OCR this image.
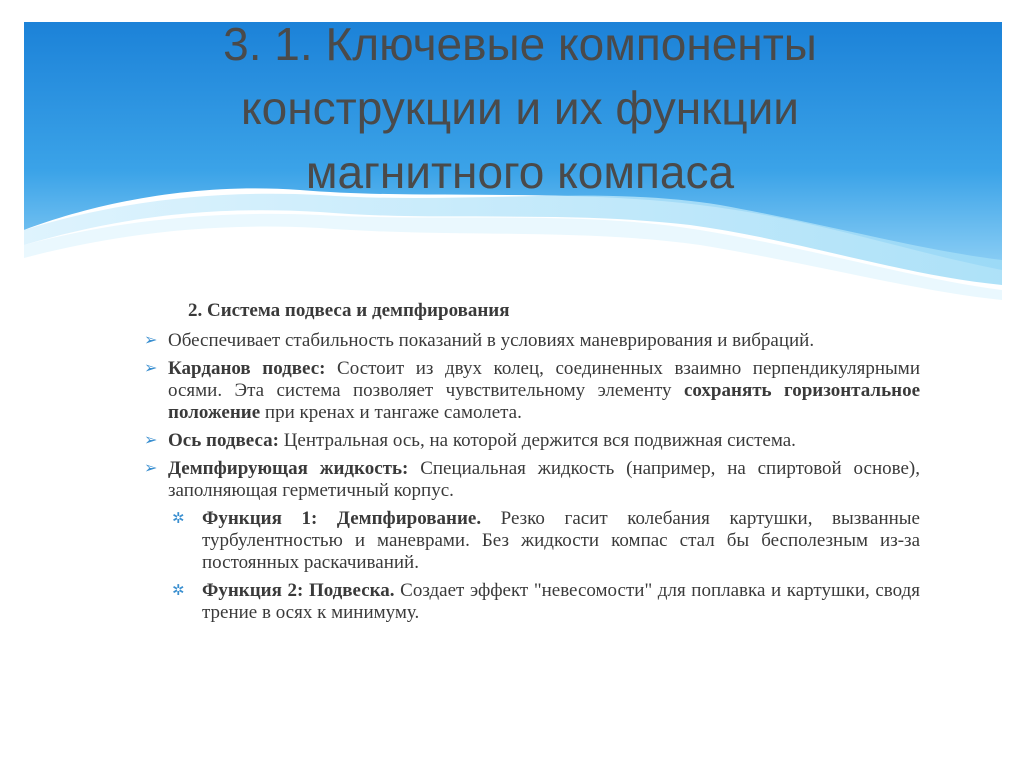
3. 1. Ключевые компоненты
конструкции и их функции
магнитного компаса
2. Система подвеса и демпфирования
➢ Обеспечивает стабильность показаний в условиях маневрирования и вибраций.
➢ Карданов подвес: Состоит из двух колец, соединенных взаимно перпендикулярными осями. Эта система позволяет чувствительному элементу сохранять горизонтальное положение при кренах и тангаже самолета.
➢ Ось подвеса: Центральная ось, на которой держится вся подвижная система.
➢ Демпфирующая жидкость: Специальная жидкость (например, на спиртовой основе), заполняющая герметичный корпус.
✲ Функция 1: Демпфирование. Резко гасит колебания картушки, вызванные турбулентностью и маневрами. Без жидкости компас стал бы бесполезным из-за постоянных раскачиваний.
✲ Функция 2: Подвеска. Создает эффект "невесомости" для поплавка и картушки, сводя трение в осях к минимуму.
